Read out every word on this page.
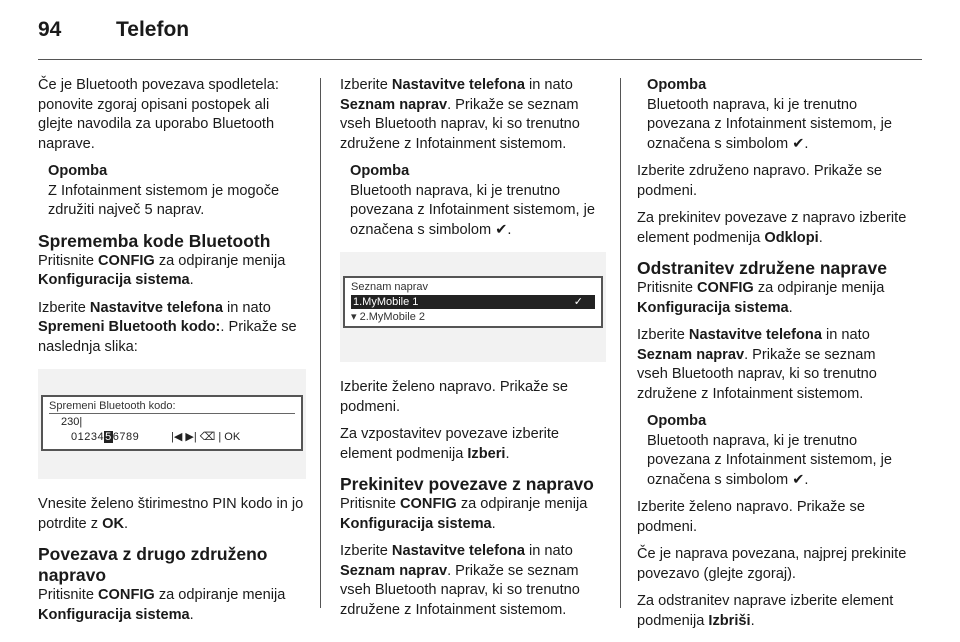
94	Telefon

Če je Bluetooth povezava spodletela: ponovite zgoraj opisani postopek ali glejte navodila za uporabo Bluetooth naprave.

Opomba
Z Infotainment sistemom je mogoče združiti največ 5 naprav.
Sprememba kode Bluetooth

Pritisnite CONFIG za odpiranje menija Konfiguracija sistema.

Izberite Nastavitve telefona in nato Spremeni Bluetooth kodo:. Prikaže se naslednja slika:

Spremeni Bluetooth kodo:
230|
0123456789	|◀ ▶| ⌫ | OK

Vnesite želeno štirimestno PIN kodo in jo potrdite z OK.

Povezava z drugo združeno napravo

Pritisnite CONFIG za odpiranje menija Konfiguracija sistema.

Izberite Nastavitve telefona in nato Seznam naprav. Prikaže se seznam vseh Bluetooth naprav, ki so trenutno združene z Infotainment sistemom.

Opomba
Bluetooth naprava, ki je trenutno povezana z Infotainment sistemom, je označena s simbolom ✔.
Seznam naprav
1.MyMobile 1	✓
▾ 2.MyMobile 2

Izberite želeno napravo. Prikaže se podmeni.

Za vzpostavitev povezave izberite element podmenija Izberi.

Prekinitev povezave z napravo

Pritisnite CONFIG za odpiranje menija Konfiguracija sistema.

Izberite Nastavitve telefona in nato Seznam naprav. Prikaže se seznam vseh Bluetooth naprav, ki so trenutno združene z Infotainment sistemom.

Opomba
Bluetooth naprava, ki je trenutno povezana z Infotainment sistemom, je označena s simbolom ✔.

Izberite združeno napravo. Prikaže se podmeni.

Za prekinitev povezave z napravo izberite element podmenija Odklopi.

Odstranitev združene naprave

Pritisnite CONFIG za odpiranje menija Konfiguracija sistema.

Izberite Nastavitve telefona in nato Seznam naprav. Prikaže se seznam vseh Bluetooth naprav, ki so trenutno združene z Infotainment sistemom.

Opomba
Bluetooth naprava, ki je trenutno povezana z Infotainment sistemom, je označena s simbolom ✔.

Izberite želeno napravo. Prikaže se podmeni.

Če je naprava povezana, najprej prekinite povezavo (glejte zgoraj).

Za odstranitev naprave izberite element podmenija Izbriši.
